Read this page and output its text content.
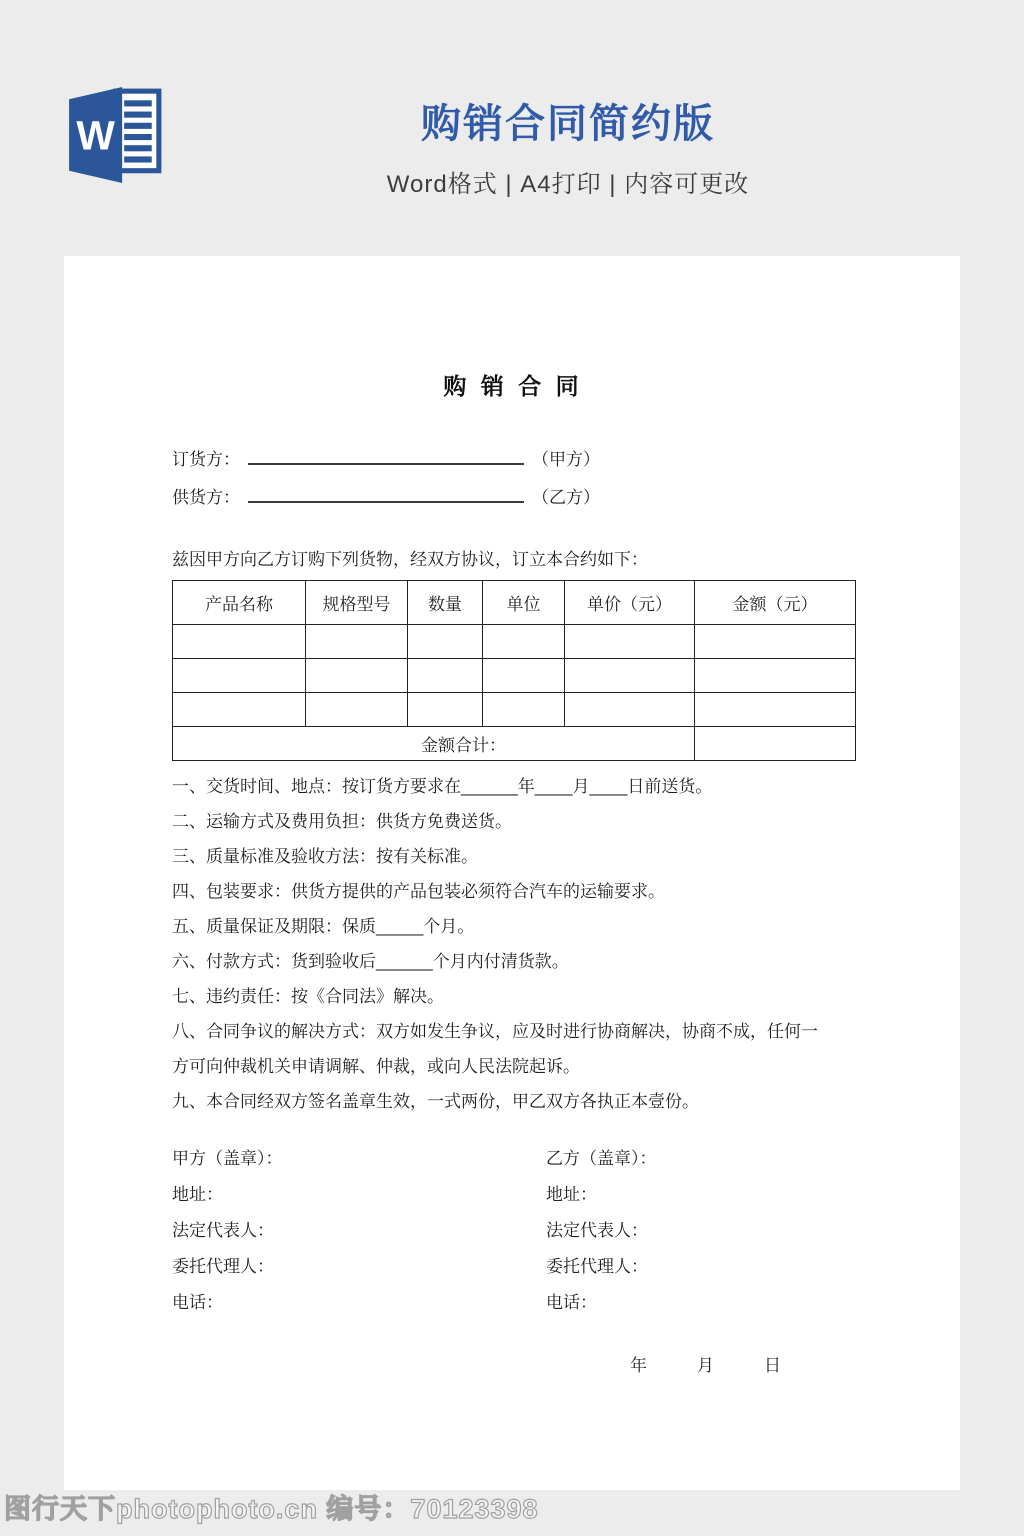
W	购销合同简约版
Word格式 | A4打印 | 内容可更改
购 销 合 同
订货方：	（甲方）
供货方：	（乙方）
兹因甲方向乙方订购下列货物，经双方协议，订立本合约如下：
产品名称	规格型号	数量	单位	单价（元）	金额（元）

金额合计：					
一、交货时间、地点：按订货方要求在______年____月____日前送货。
二、运输方式及费用负担：供货方免费送货。
三、质量标准及验收方法：按有关标准。
四、包装要求：供货方提供的产品包装必须符合汽车的运输要求。
五、质量保证及期限：保质_____个月。
六、付款方式：货到验收后______个月内付清货款。
七、违约责任：按《合同法》解决。
八、合同争议的解决方式：双方如发生争议，应及时进行协商解决，协商不成，任何一
方可向仲裁机关申请调解、仲裁，或向人民法院起诉。
九、本合同经双方签名盖章生效，一式两份，甲乙双方各执正本壹份。
甲方（盖章）：
地址：
法定代表人：
委托代理人：
电话：
乙方（盖章）：
地址：
法定代表人：
委托代理人：
电话：
年	月	日
图行天下photophoto.cn 编号：70123398
